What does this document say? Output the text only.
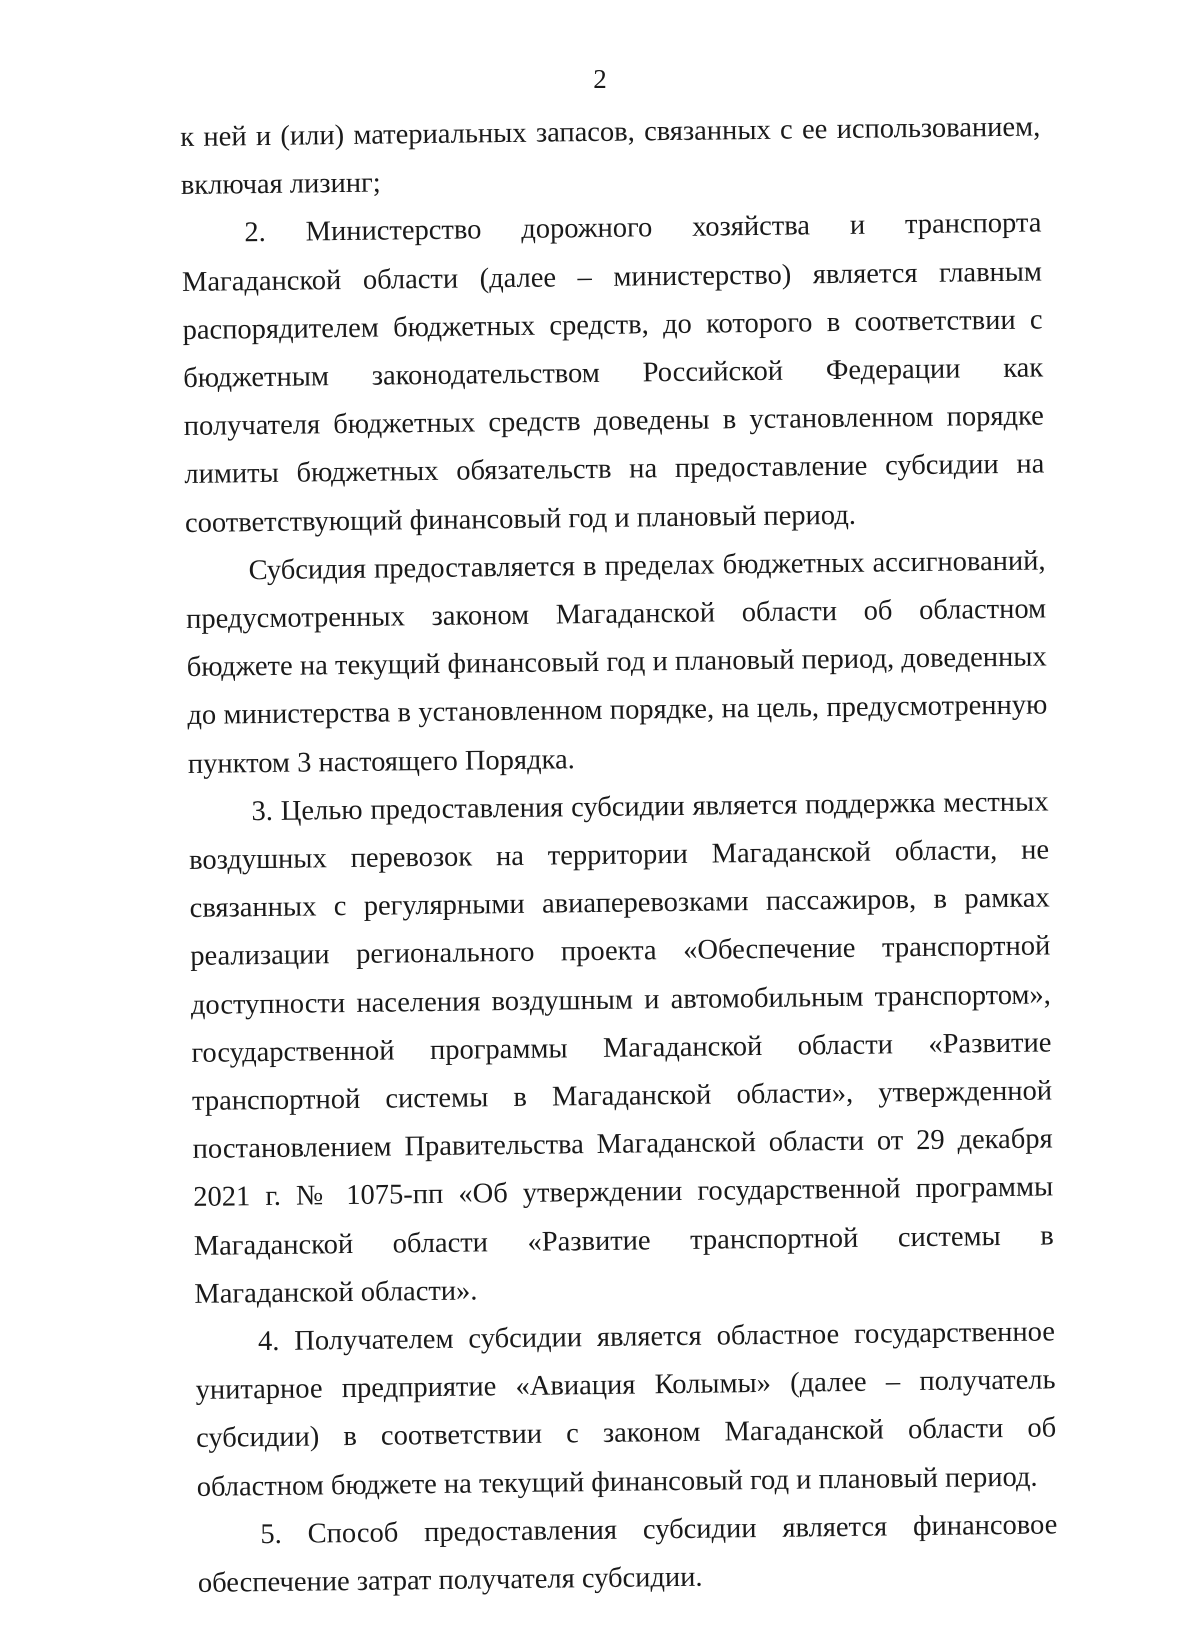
2

к ней и (или) материальных запасов, связанных с ее использованием, включая лизинг;

2. Министерство дорожного хозяйства и транспорта Магаданской области (далее – министерство) является главным распорядителем бюджетных средств, до которого в соответствии с бюджетным законодательством Российской Федерации как получателя бюджетных средств доведены в установленном порядке лимиты бюджетных обязательств на предоставление субсидии на соответствующий финансовый год и плановый период.

Субсидия предоставляется в пределах бюджетных ассигнований, предусмотренных законом Магаданской области об областном бюджете на текущий финансовый год и плановый период, доведенных до министерства в установленном порядке, на цель, предусмотренную пунктом 3 настоящего Порядка.

3. Целью предоставления субсидии является поддержка местных воздушных перевозок на территории Магаданской области, не связанных с регулярными авиаперевозками пассажиров, в рамках реализации регионального проекта «Обеспечение транспортной доступности населения воздушным и автомобильным транспортом», государственной программы Магаданской области «Развитие транспортной системы в Магаданской области», утвержденной постановлением Правительства Магаданской области от 29 декабря 2021 г. № 1075-пп «Об утверждении государственной программы Магаданской области «Развитие транспортной системы в Магаданской области».

4. Получателем субсидии является областное государственное унитарное предприятие «Авиация Колымы» (далее – получатель субсидии) в соответствии с законом Магаданской области об областном бюджете на текущий финансовый год и плановый период.

5. Способ предоставления субсидии является финансовое обеспечение затрат получателя субсидии.
